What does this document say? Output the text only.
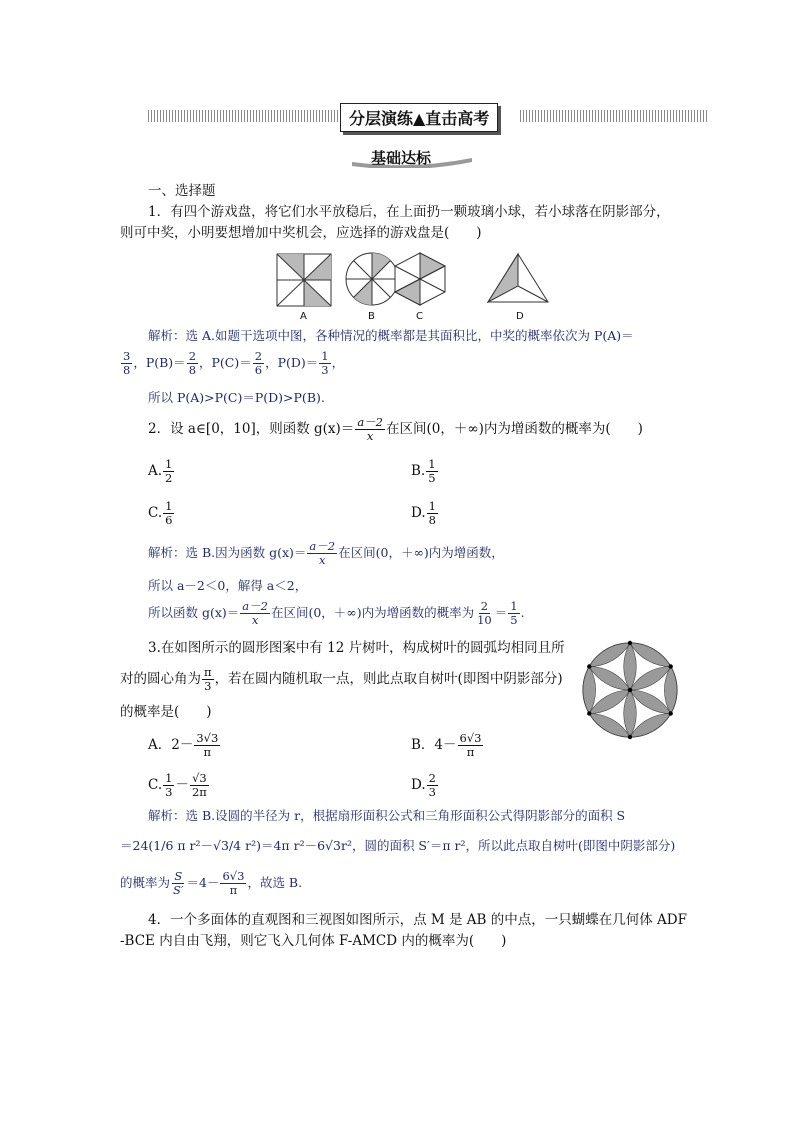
分层演练▲直击高考
基础达标
一、选择题
1．有四个游戏盘，将它们水平放稳后，在上面扔一颗玻璃小球，若小球落在阴影部分，
则可中奖，小明要想增加中奖机会，应选择的游戏盘是(　　)
A	B	C	D
解析：选 A.如题干选项中图，各种情况的概率都是其面积比，中奖的概率依次为 P(A)＝
$\frac{3}{8}$ ，$P(B)= \frac{2}{8}$ ，$P(C)= \frac{2}{6}$ ，$P(D)= \frac{1}{3}$ ，
所以 P(A)>P(C)＝P(D)>P(B).
2．设 a∈[0，10]，则函数 $g(x)= \frac{a-2}{x}$ 在区间(0，＋∞)内为增函数的概率为(　　)
A. $\frac{1}{2}$	B. $\frac{1}{5}$
C. $\frac{1}{6}$	D. $\frac{1}{8}$
解析：选 B.因为函数 $g(x)= \frac{a-2}{x}$ 在区间(0，＋∞)内为增函数，
所以 a－2＜0，解得 a＜2，
所以函数 $g(x)= \frac{a-2}{x}$ 在区间(0，＋∞)内为增函数的概率为 $\frac{2}{10} = \frac{1}{5}$ .
3.在如图所示的圆形图案中有 12 片树叶，构成树叶的圆弧均相同且所
对的圆心角为 $\frac{\pi}{3}$ ，若在圆内随机取一点，则此点取自树叶(即图中阴影部分)
的概率是(　　)
A．$2- \frac{3√3}{\pi}$	B．$4- \frac{6√3}{\pi}$
C. $\frac{1}{3} - \frac{√3}{2\pi}$	D. $\frac{2}{3}$
解析：选 B.设圆的半径为 r，根据扇形面积公式和三角形面积公式得阴影部分的面积 S
＝24(1/6 π r²－√3/4 r²)＝4π r²－6√3r²，圆的面积 S′＝π r²，所以此点取自树叶(即图中阴影部分)
的概率为 $\frac{S}{S'} =4- \frac{6√3}{\pi}$ ，故选 B.
4．一个多面体的直观图和三视图如图所示，点 M 是 AB 的中点，一只蝴蝶在几何体 ADF
-BCE 内自由飞翔，则它飞入几何体 F-AMCD 内的概率为(　　)
